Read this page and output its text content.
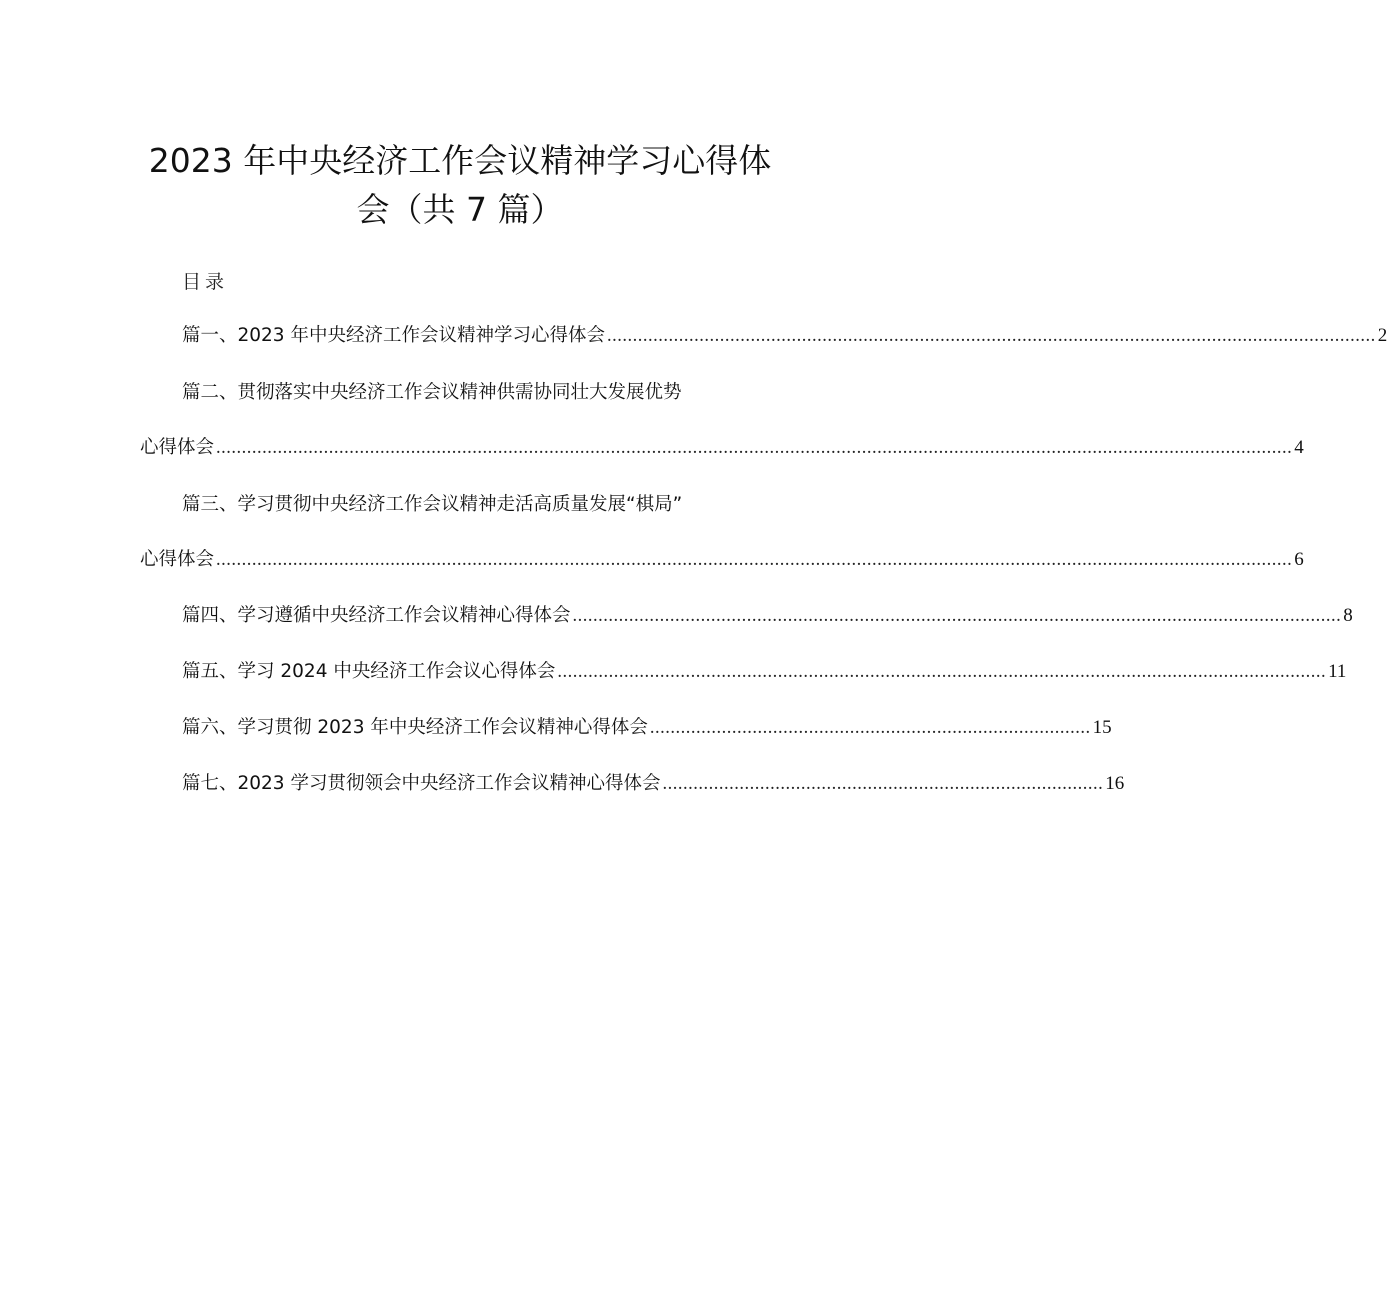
2023 年中央经济工作会议精神学习心得体
会（共 7 篇）
目录
篇一、2023 年中央经济工作会议精神学习心得体会 ...................................................................................................................................................... 2
篇二、贯彻落实中央经济工作会议精神供需协同壮大发展优势
心得体会 .................................................................................................................................................................................................................. 4
篇三、学习贯彻中央经济工作会议精神走活高质量发展“棋局”
心得体会 .................................................................................................................................................................................................................. 6
篇四、学习遵循中央经济工作会议精神心得体会 ...................................................................................................................................................... 8
篇五、学习 2024 中央经济工作会议心得体会 ...................................................................................................................................................... 11
篇六、学习贯彻 2023 年中央经济工作会议精神心得体会 ...................................................................................... 15
篇七、2023 学习贯彻领会中央经济工作会议精神心得体会 ...................................................................................... 16
